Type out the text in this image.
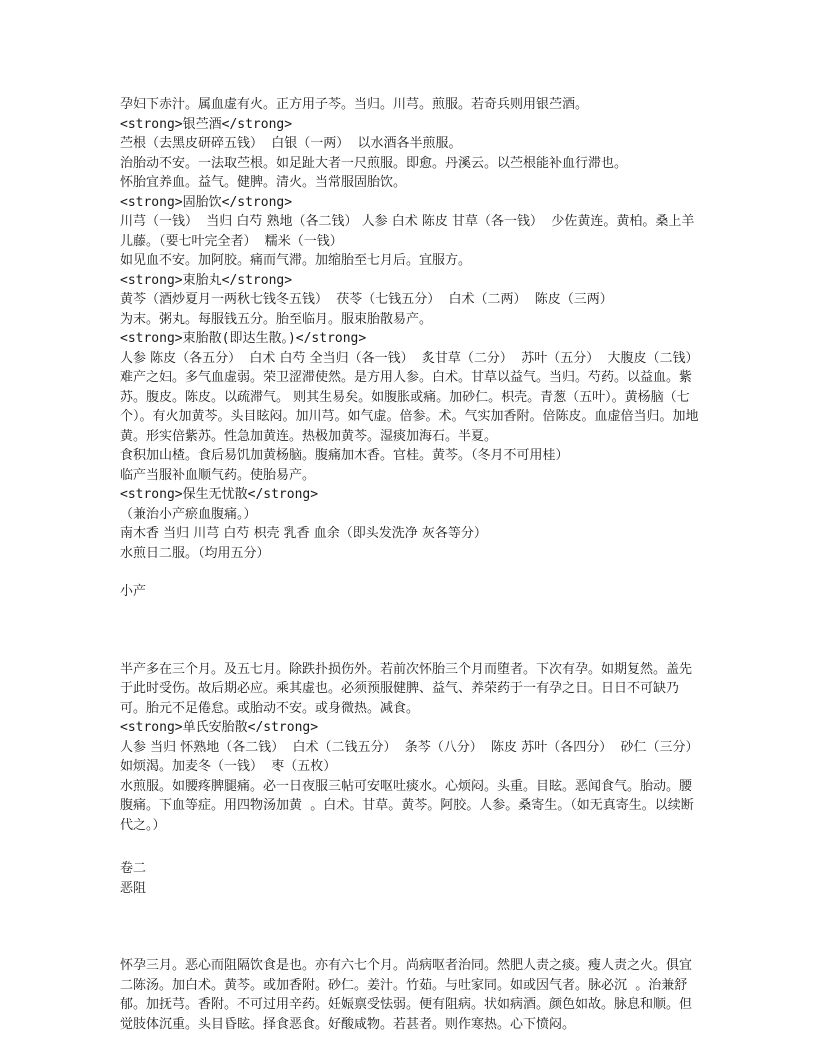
孕妇下赤汁。属血虚有火。正方用子芩。当归。川芎。煎服。若奇兵则用银苎酒。

<strong>银苎酒</strong>

苎根（去黑皮研碎五钱）  白银（一两）  以水酒各半煎服。

治胎动不安。一法取苎根。如足趾大者一尺煎服。即愈。丹溪云。以苎根能补血行滞也。

怀胎宜养血。益气。健脾。清火。当常服固胎饮。

<strong>固胎饮</strong>

川芎（一钱）  当归 白芍 熟地（各二钱） 人参 白术 陈皮 甘草（各一钱）  少佐黄连。黄柏。桑上羊儿藤。（要七叶完全者）  糯米（一钱）

如见血不安。加阿胶。痛而气滞。加缩胎至七月后。宜服方。

<strong>束胎丸</strong>

黄芩（酒炒夏月一两秋七钱冬五钱）  茯苓（七钱五分）  白术（二两）  陈皮（三两）

为末。粥丸。每服钱五分。胎至临月。服束胎散易产。

<strong>束胎散(即达生散。)</strong>

人参 陈皮（各五分）  白术 白芍 全当归（各一钱）  炙甘草（二分）  苏叶（五分）  大腹皮（二钱）

难产之妇。多气血虚弱。荣卫涩滞使然。是方用人参。白术。甘草以益气。当归。芍药。以益血。紫苏。腹皮。陈皮。以疏滞气。 则其生易矣。如腹胀或痛。加砂仁。枳壳。青葱（五叶）。黄杨脑（七个）。有火加黄芩。头目眩闷。加川芎。如气虚。倍参。术。气实加香附。倍陈皮。血虚倍当归。加地黄。形实倍紫苏。性急加黄连。热极加黄芩。湿痰加海石。半夏。

食积加山楂。食后易饥加黄杨脑。腹痛加木香。官桂。黄芩。（冬月不可用桂）

临产当服补血顺气药。使胎易产。

<strong>保生无忧散</strong>

（兼治小产瘀血腹痛。）

南木香 当归 川芎 白芍 枳壳 乳香 血余（即头发洗净 灰各等分）

水煎日二服。（均用五分）

小产

半产多在三个月。及五七月。除跌扑损伤外。若前次怀胎三个月而堕者。下次有孕。如期复然。盖先于此时受伤。故后期必应。乘其虚也。必须预服健脾、益气、养荣药于一有孕之日。日日不可缺乃可。胎元不足倦怠。或胎动不安。或身微热。减食。

<strong>单氏安胎散</strong>

人参 当归 怀熟地（各二钱）  白术（二钱五分）  条芩（八分）  陈皮 苏叶（各四分）  砂仁（三分）  如烦渴。加麦冬（一钱）  枣（五枚）

水煎服。如腰疼脾腿痛。必一日夜服三帖可安呕吐痰水。心烦闷。头重。目眩。恶闻食气。胎动。腰腹痛。下血等症。用四物汤加黄  。白术。甘草。黄芩。阿胶。人参。桑寄生。（如无真寄生。以续断代之。）

卷二

恶阻

怀孕三月。恶心而阻隔饮食是也。亦有六七个月。尚病呕者治同。然肥人责之痰。瘦人责之火。俱宜二陈汤。加白术。黄芩。或加香附。砂仁。姜汁。竹茹。与吐家同。如或因气者。脉必沉  。治兼舒郁。加抚芎。香附。不可过用辛药。妊娠禀受怯弱。便有阻病。状如病酒。颜色如故。脉息和顺。但觉肢体沉重。头目昏眩。择食恶食。好酸咸物。若甚者。则作寒热。心下愤闷。
